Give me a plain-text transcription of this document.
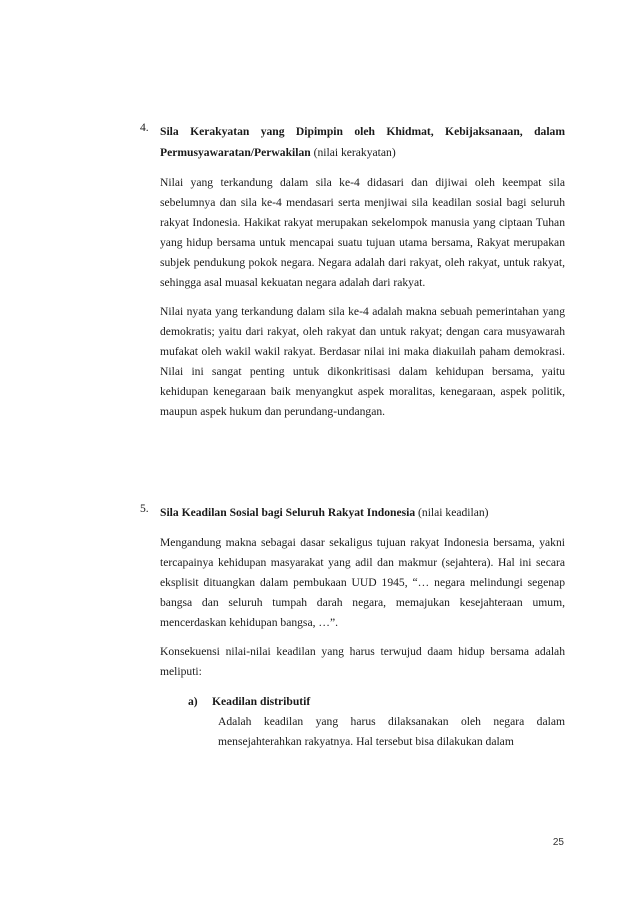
4. Sila Kerakyatan yang Dipimpin oleh Khidmat, Kebijaksanaan, dalam Permusyawaratan/Perwakilan (nilai kerakyatan)

Nilai yang terkandung dalam sila ke-4 didasari dan dijiwai oleh keempat sila sebelumnya dan sila ke-4 mendasari serta menjiwai sila keadilan sosial bagi seluruh rakyat Indonesia. Hakikat rakyat merupakan sekelompok manusia yang ciptaan Tuhan yang hidup bersama untuk mencapai suatu tujuan utama bersama, Rakyat merupakan subjek pendukung pokok negara. Negara adalah dari rakyat, oleh rakyat, untuk rakyat, sehingga asal muasal kekuatan negara adalah dari rakyat.

Nilai nyata yang terkandung dalam sila ke-4 adalah makna sebuah pemerintahan yang demokratis; yaitu dari rakyat, oleh rakyat dan untuk rakyat; dengan cara musyawarah mufakat oleh wakil wakil rakyat. Berdasar nilai ini maka diakuilah paham demokrasi. Nilai ini sangat penting untuk dikonkritisasi dalam kehidupan bersama, yaitu kehidupan kenegaraan baik menyangkut aspek moralitas, kenegaraan, aspek politik, maupun aspek hukum dan perundang-undangan.

5. Sila Keadilan Sosial bagi Seluruh Rakyat Indonesia (nilai keadilan)

Mengandung makna sebagai dasar sekaligus tujuan rakyat Indonesia bersama, yakni tercapainya kehidupan masyarakat yang adil dan makmur (sejahtera). Hal ini secara eksplisit dituangkan dalam pembukaan UUD 1945, “… negara melindungi segenap bangsa dan seluruh tumpah darah negara, memajukan kesejahteraan umum, mencerdaskan kehidupan bangsa, …”.

Konsekuensi nilai-nilai keadilan yang harus terwujud daam hidup bersama adalah meliputi:

a) Keadilan distributif

Adalah keadilan yang harus dilaksanakan oleh negara dalam mensejahterahkan rakyatnya. Hal tersebut bisa dilakukan dalam

25
